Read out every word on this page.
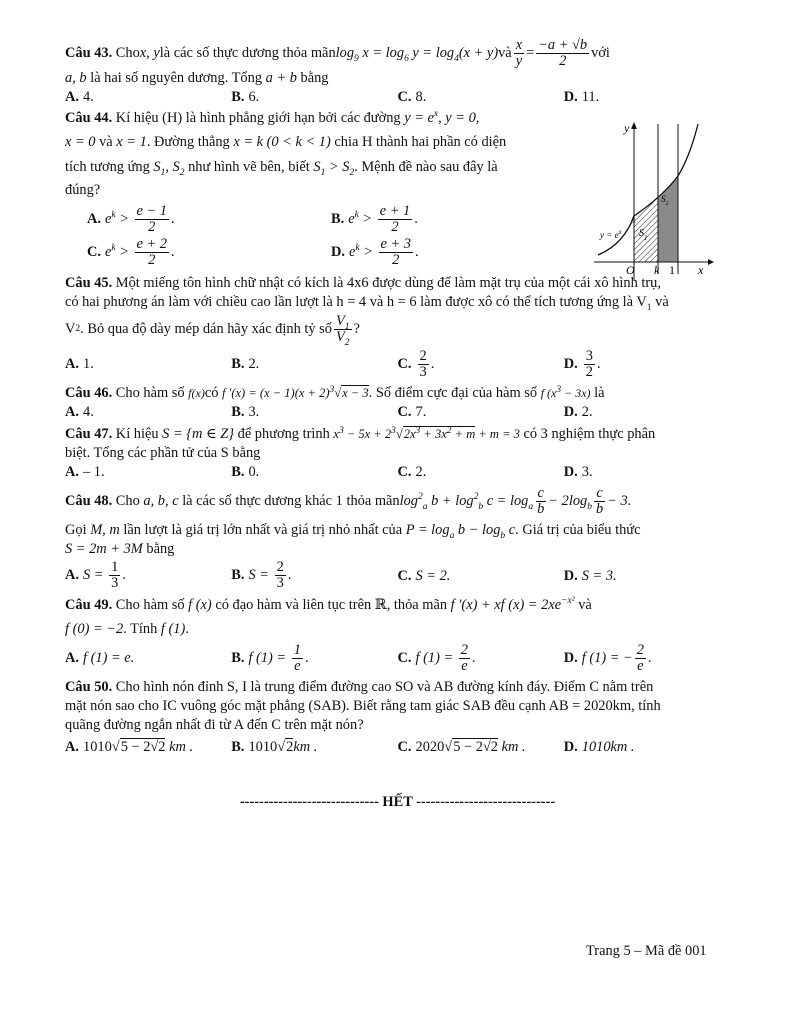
Câu 43.
Cho x, y là các số thực dương thỏa mãn $\log_9 x = \log_6 y = \log_4(x + y)$ và $\frac{x}{y} = \frac{-a + √b}{2}$ với
a, b là hai số nguyên dương. Tổng a + b bằng
A. 4.	B. 6.	C. 8.	D. 11.
Câu 44. Kí hiệu (H) là hình phẳng giới hạn bởi các đường $y = e^x$, y = 0,
x = 0 và x = 1. Đường thẳng x = k (0 < k < 1) chia H thành hai phần có diện
tích tương ứng $S_1$, $S_2$ như hình vẽ bên, biết $S_1 > S_2$. Mệnh đề nào sau đây là
đúng?
A. $e^k > \frac{e - 1}{2}$ .	B. $e^k > \frac{e + 1}{2}$ .
C. $e^k > \frac{e + 2}{2}$ .	D. $e^k > \frac{e + 3}{2}$ .
Câu 45. Một miếng tôn hình chữ nhật có kích là 4x6 được dùng để làm mặt trụ của một cái xô hình trụ,
có hai phương án làm với chiều cao lần lượt là h = 4 và h = 6 làm được xô có thể tích tương ứng là $V_1$ và
V 2 . Bỏ qua độ dày mép dán hãy xác định tỷ số $\frac{V_1}{V_2}$ ?
A. 1.	B. 2.	C. $\frac{2}{3}$ .	D. $\frac{3}{2}$ .
Câu 46. Cho hàm số f(x)có f $'(x) = (x - 1)(x + 2)^3√x - 3$. Số điểm cực đại của hàm số f $(x^3 - 3x)$ là
A. 4.	B. 3.	C. 7.	D. 2.
Câu 47. Kí hiệu S = {m ∈ Z} để phương trình $x^3 - 5x + 2^3√2x^3 + 3x^2 + m + m = 3$ có 3 nghiệm thực phân
biệt. Tổng các phần tử của S bằng
A. – 1.	B. 0.	C. 2.	D. 3.
Câu 48.
Cho
a, b, c
là các số thực dương khác 1 thỏa mãn $\log^2_a b + \log^2_b c = \log_a \frac{c}{b} - 2\log_b \frac{c}{b} - 3$.
Gọi M, m lần lượt là giá trị lớn nhất và giá trị nhỏ nhất của $P = \log_a b - \log_b c$. Giá trị của biểu thức
S = 2m + 3M bằng
A. $S = \frac{1}{3}$ .	B. $S = \frac{2}{3}$ .	C. S = 2.	D. S = 3.
Câu 49. Cho hàm số f (x) có đạo hàm và liên tục trên ℝ, thỏa mãn f ′(x) + xf $(x) = 2xe^{-x^2}$ và
f (0) = −2. Tính f (1).
A. f (1) = e.	B. f $(1) = \frac{1}{e}$ .	C. f $(1) = \frac{2}{e}$ .	D. f (1) = − $\frac{2}{e}$ .
Câu 50. Cho hình nón đỉnh S, I là trung điểm đường cao SO và AB đường kính đáy. Điểm C nằm trên
mặt nón sao cho IC vuông góc mặt phẳng (SAB). Biết rằng tam giác SAB đều cạnh AB = 2020km, tính
quãng đường ngắn nhất đi từ A đến C trên mặt nón?
A. 1010√5 − 2√2 km .	B. 1010√2km .	C. 2020√5 − 2√2 km .	D. 1010km .
----------------------------- HẾT -----------------------------
y
x
O k 1
1
$y = e^x$ $S_1$
$S_2$
Trang 5 – Mã đề 001
